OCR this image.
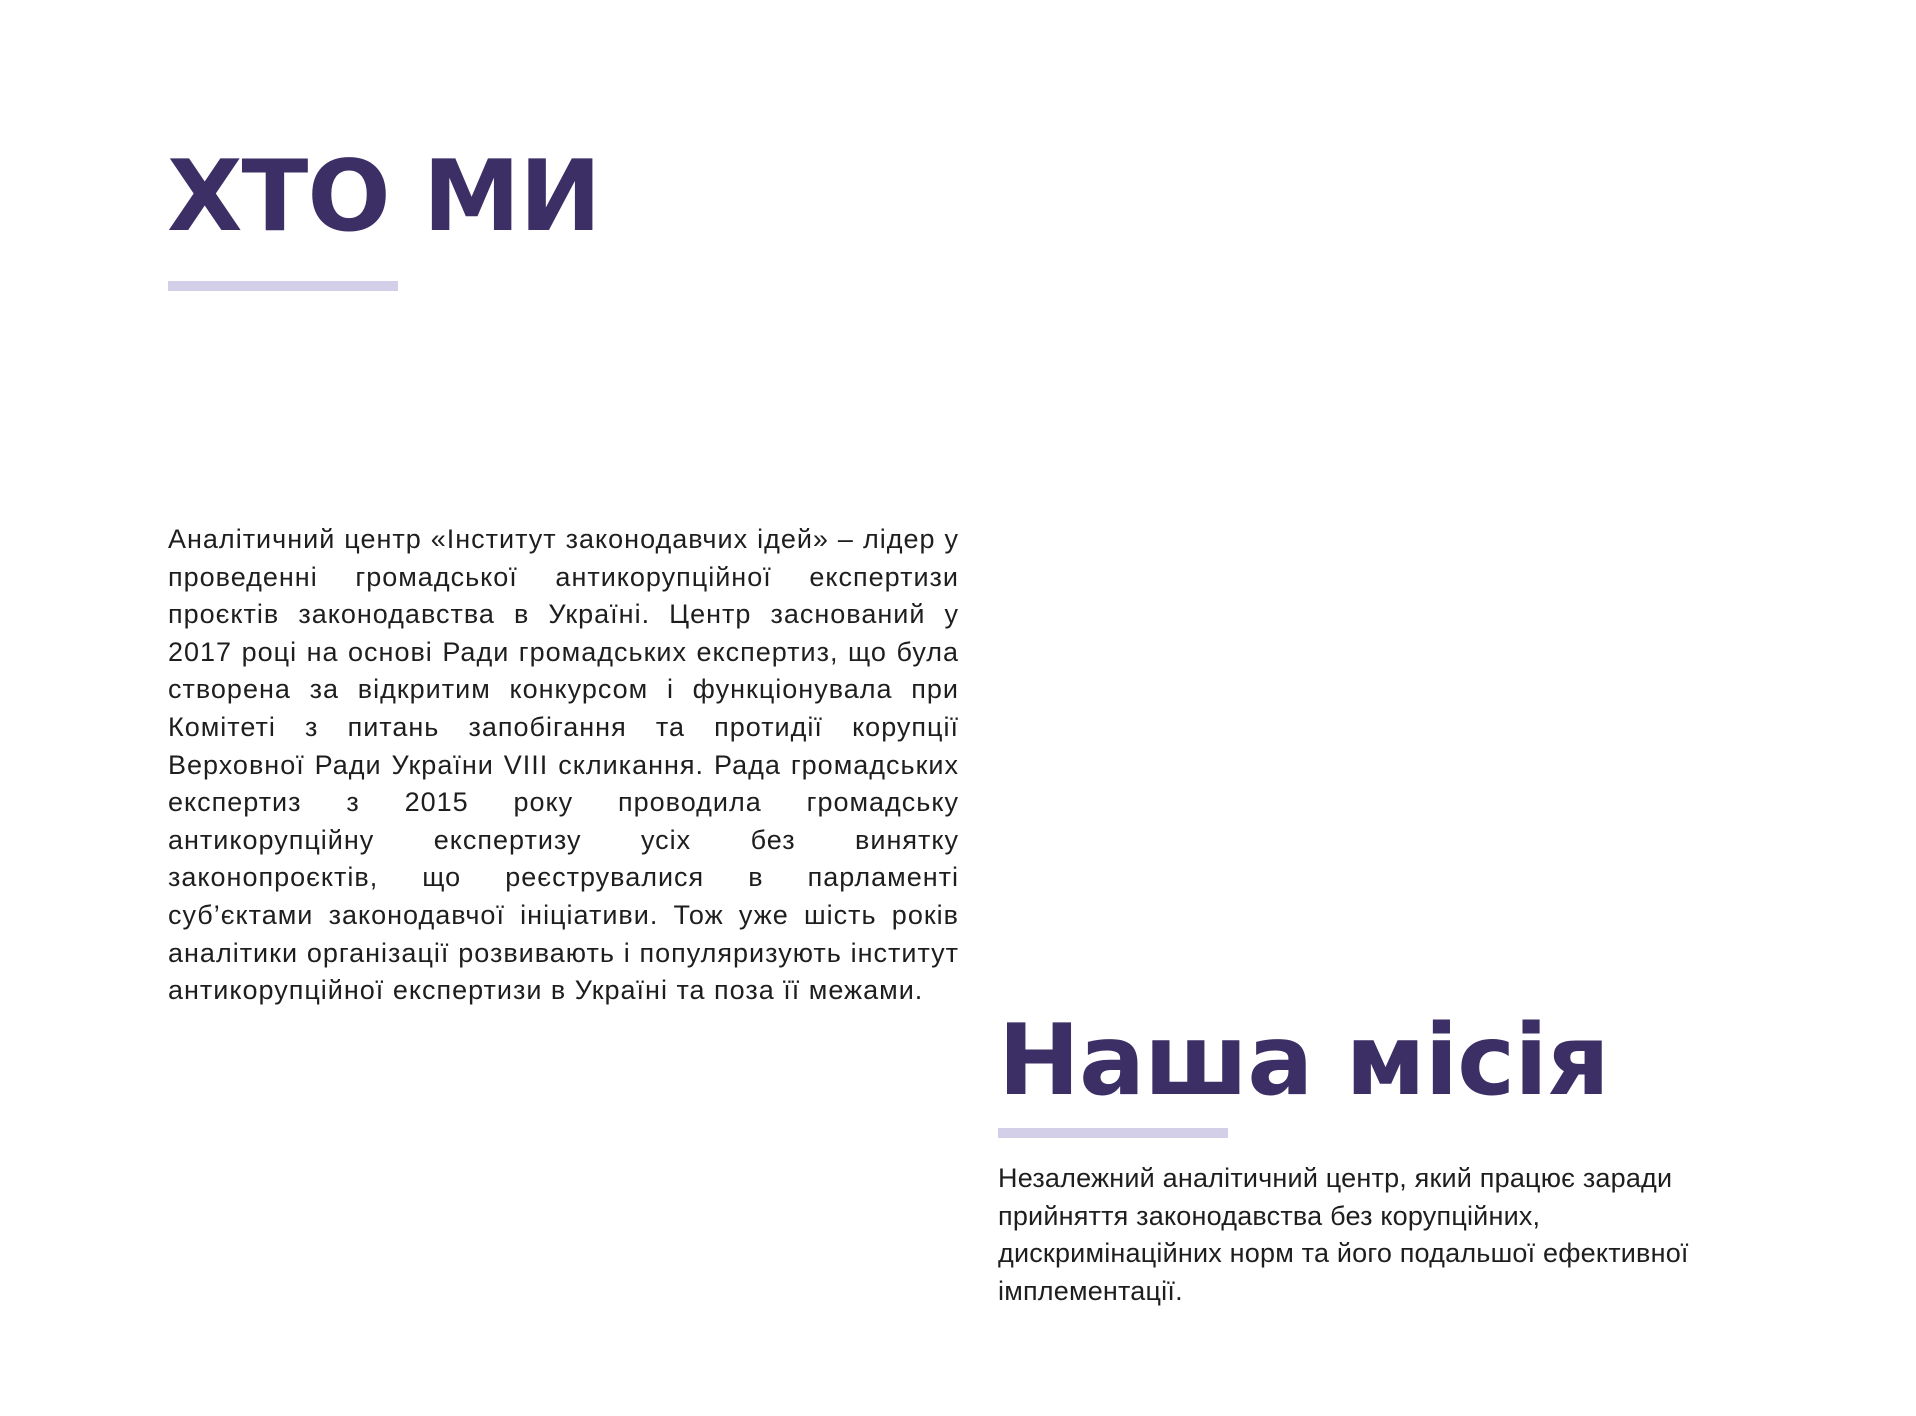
ХТО МИ

Аналітичний центр «Інститут законодавчих ідей» – лідер у проведенні громадської антикорупційної експертизи проєктів законодавства в Україні. Центр заснований у 2017 році на основі Ради громадських експертиз, що була створена за відкритим конкурсом і функціонувала при Комітеті з питань запобігання та протидії корупції Верховної Ради України VIII скликання. Рада громадських експертиз з 2015 року проводила громадську антикорупційну експертизу усіх без винятку законопроєктів, що реєструвалися в парламенті суб’єктами законодавчої ініціативи. Тож уже шість років аналітики організації розвивають і популяризують інститут антикорупційної експертизи в Україні та поза її межами.

Наша місія

Незалежний аналітичний центр, який працює заради прийняття законодавства без корупційних, дискримінаційних норм та його подальшої ефективної імплементації.
